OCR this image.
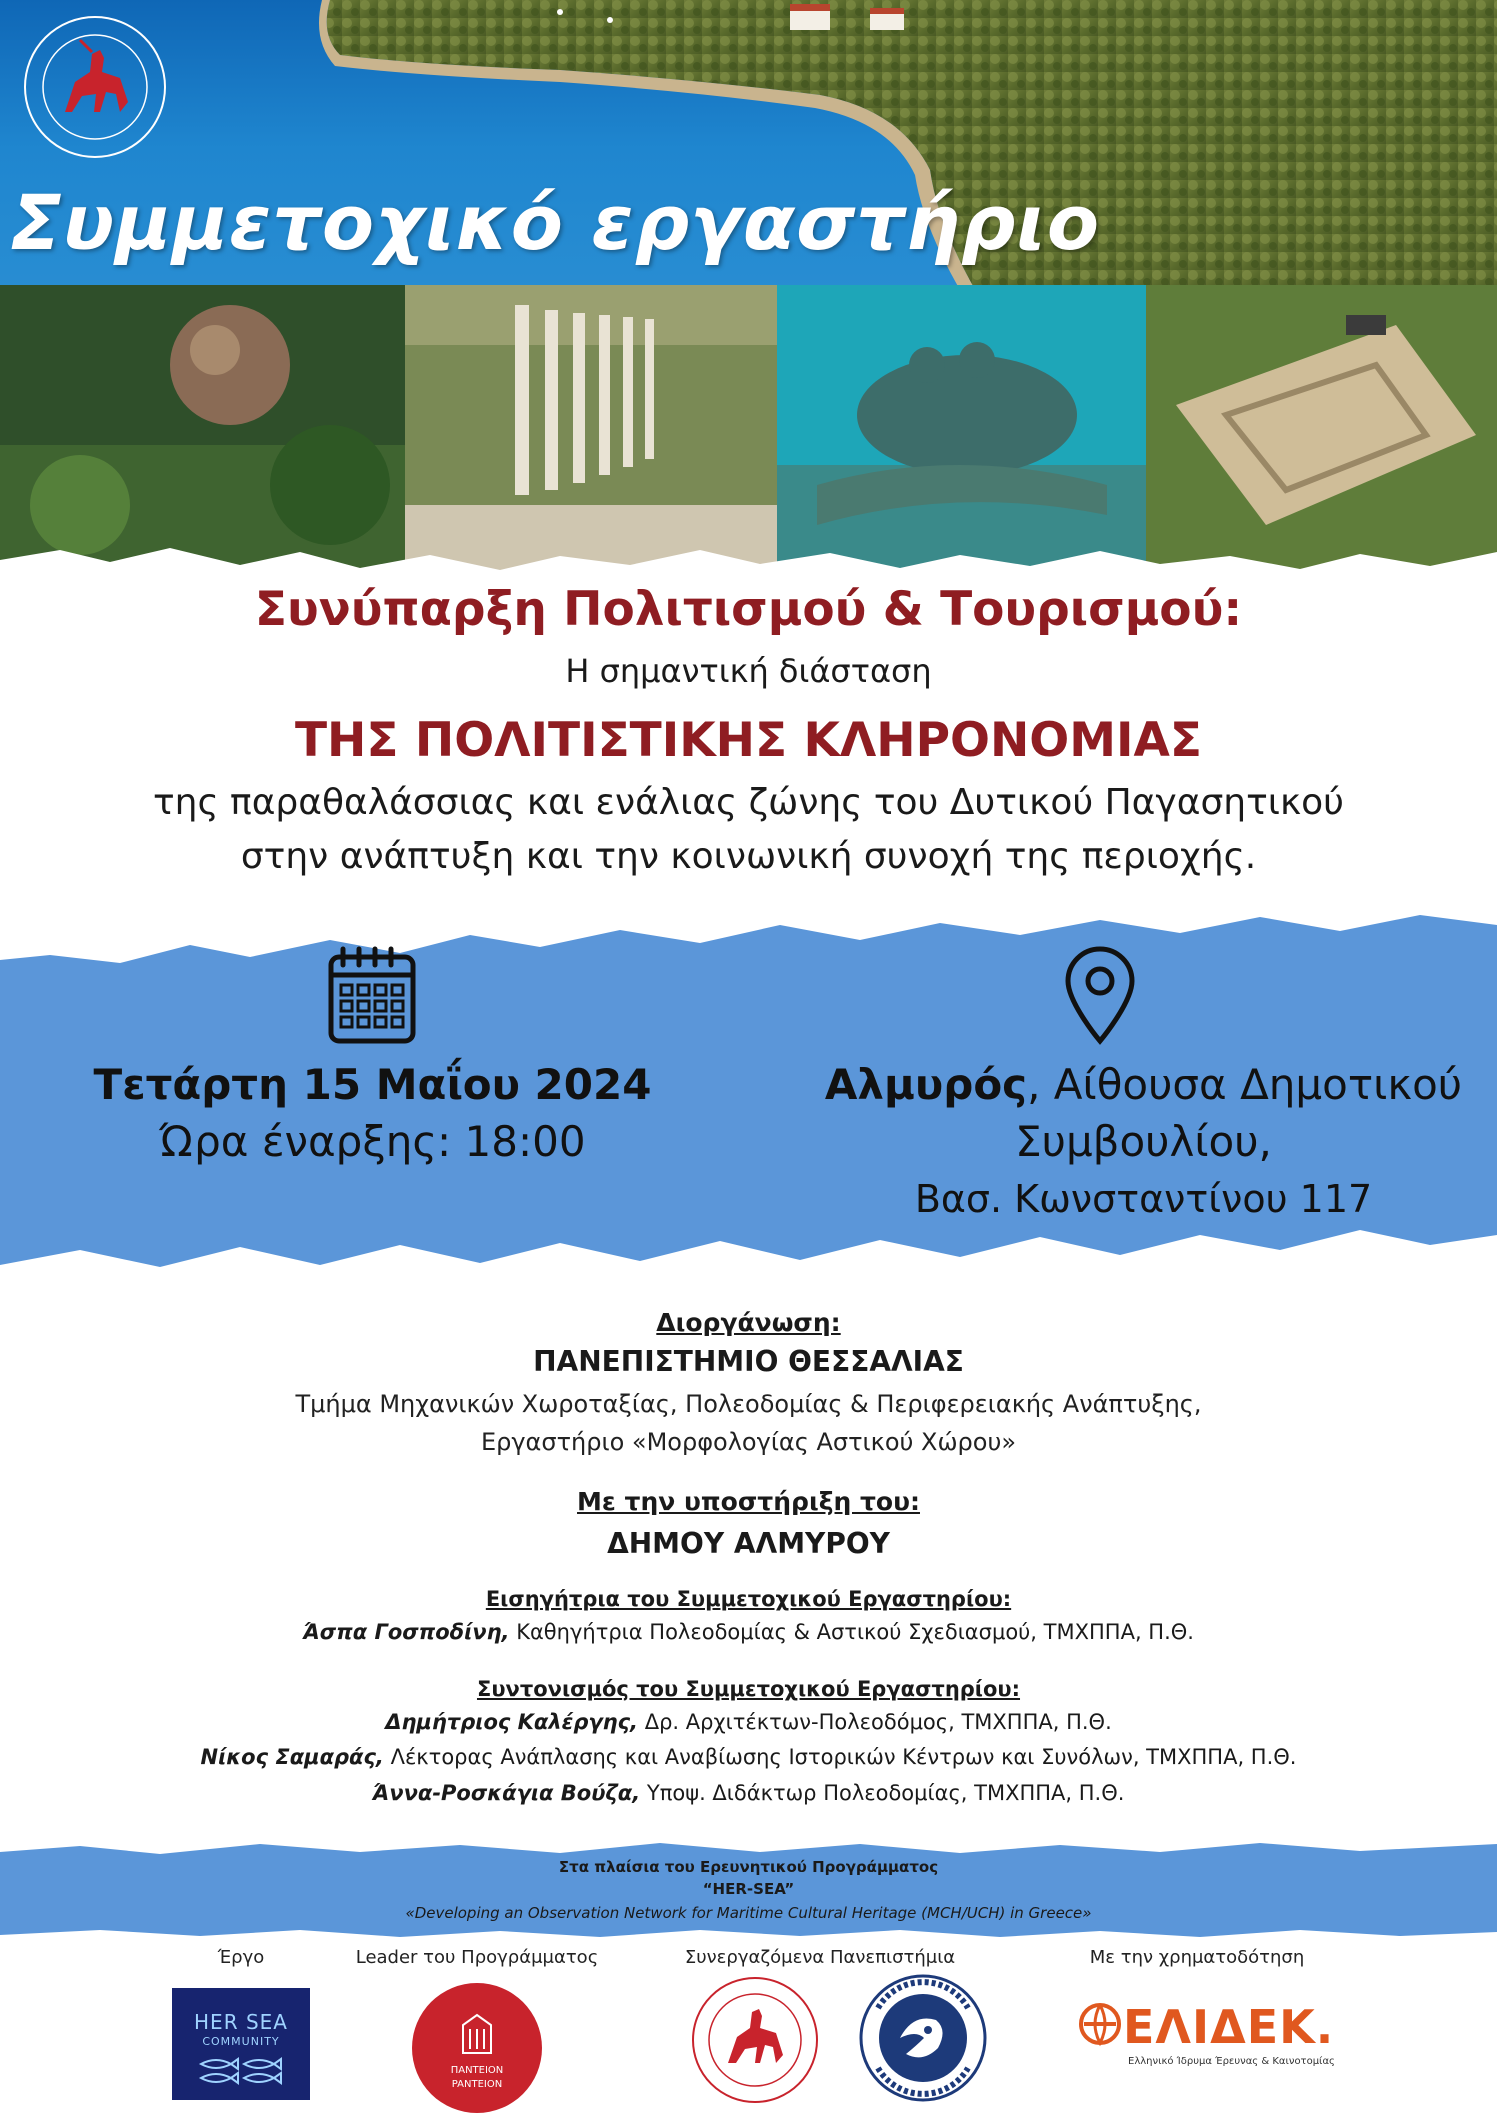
Συμμετοχικό εργαστήριο
Συνύπαρξη Πολιτισμού & Τουρισμού:
Η σημαντική διάσταση
ΤΗΣ ΠΟΛΙΤΙΣΤΙΚΗΣ ΚΛΗΡΟΝΟΜΙΑΣ
της παραθαλάσσιας και ενάλιας ζώνης του Δυτικού Παγασητικού
στην ανάπτυξη και την κοινωνική συνοχή της περιοχής.
Τετάρτη 15 Μαΐου 2024
Ώρα έναρξης: 18:00
Αλμυρός, Αίθουσα Δημοτικού
Συμβουλίου,
Βασ. Κωνσταντίνου 117
Διοργάνωση:
ΠΑΝΕΠΙΣΤΗΜΙΟ ΘΕΣΣΑΛΙΑΣ
Τμήμα Μηχανικών Χωροταξίας, Πολεοδομίας & Περιφερειακής Ανάπτυξης,
Εργαστήριο «Μορφολογίας Αστικού Χώρου»
Με την υποστήριξη του:
ΔΗΜΟΥ ΑΛΜΥΡΟΥ
Εισηγήτρια του Συμμετοχικού Εργαστηρίου:
Άσπα Γοσποδίνη, Καθηγήτρια Πολεοδομίας & Αστικού Σχεδιασμού, ΤΜΧΠΠΑ, Π.Θ.
Συντονισμός του Συμμετοχικού Εργαστηρίου:
Δημήτριος Καλέργης, Δρ. Αρχιτέκτων-Πολεοδόμος, ΤΜΧΠΠΑ, Π.Θ.
Νίκος Σαμαράς, Λέκτορας Ανάπλασης και Αναβίωσης Ιστορικών Κέντρων και Συνόλων, ΤΜΧΠΠΑ, Π.Θ.
Άννα-Ροσκάγια Βούζα, Υποψ. Διδάκτωρ Πολεοδομίας, ΤΜΧΠΠΑ, Π.Θ.
Στα πλαίσια του Ερευνητικού Προγράμματος
“HER-SEA”
«Developing an Observation Network for Maritime Cultural Heritage (MCH/UCH) in Greece»
Έργο	Leader του Προγράμματος	Συνεργαζόμενα Πανεπιστήμια	Με την χρηματοδότηση
HER SEA
COMMUNITY
ΠΑΝΤΕΙΟΝ
PANTEION
ΕΛΙΔΕΚ.
Ελληνικό Ίδρυμα Έρευνας & Καινοτομίας
